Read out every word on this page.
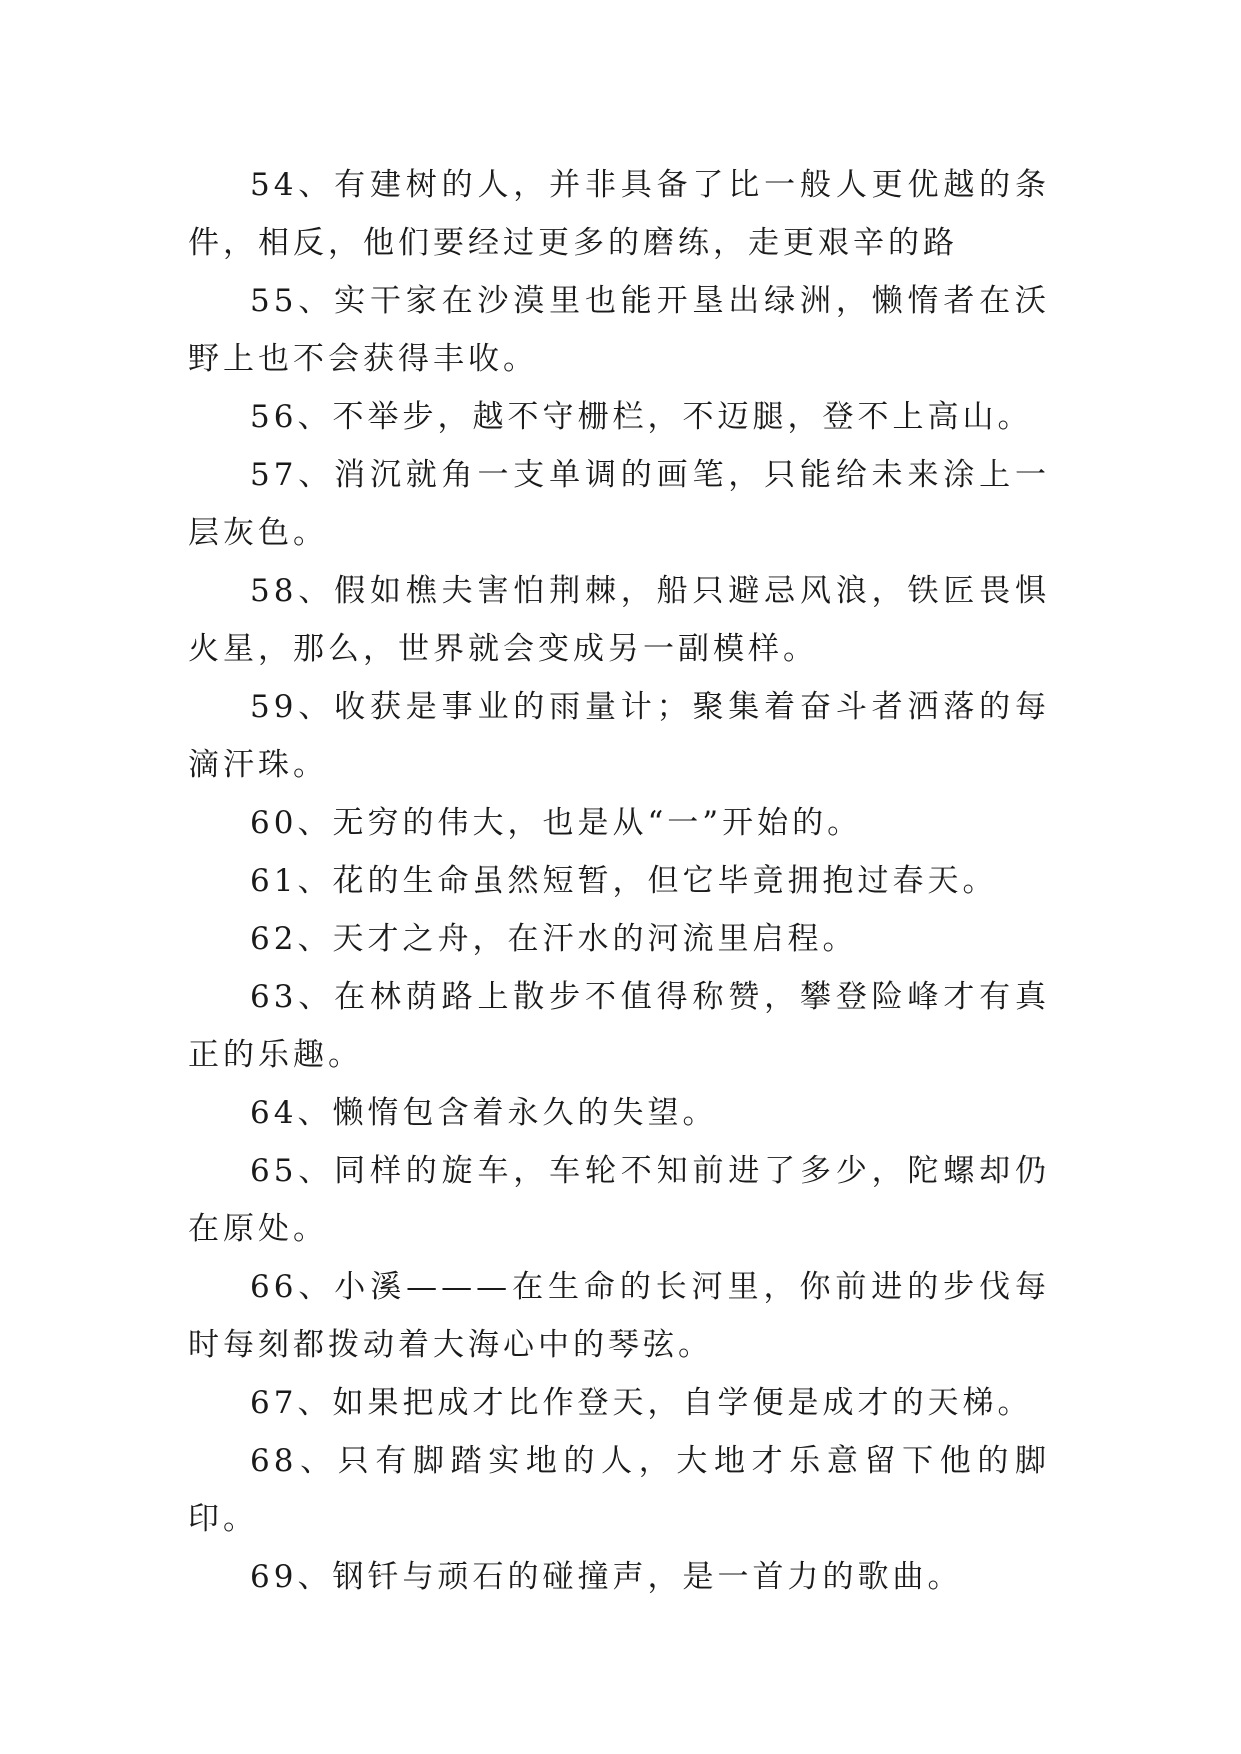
54、有建树的人，并非具备了比一般人更优越的条件，相反，他们要经过更多的磨练，走更艰辛的路

55、实干家在沙漠里也能开垦出绿洲，懒惰者在沃野上也不会获得丰收。

56、不举步，越不守栅栏，不迈腿，登不上高山。

57、消沉就角一支单调的画笔，只能给未来涂上一层灰色。

58、假如樵夫害怕荆棘，船只避忌风浪，铁匠畏惧火星，那么，世界就会变成另一副模样。

59、收获是事业的雨量计；聚集着奋斗者洒落的每滴汗珠。

60、无穷的伟大，也是从“一”开始的。

61、花的生命虽然短暂，但它毕竟拥抱过春天。

62、天才之舟，在汗水的河流里启程。

63、在林荫路上散步不值得称赞，攀登险峰才有真正的乐趣。

64、懒惰包含着永久的失望。

65、同样的旋车，车轮不知前进了多少，陀螺却仍在原处。

66、小溪———在生命的长河里，你前进的步伐每时每刻都拨动着大海心中的琴弦。

67、如果把成才比作登天，自学便是成才的天梯。

68、只有脚踏实地的人，大地才乐意留下他的脚印。

69、钢钎与顽石的碰撞声，是一首力的歌曲。
